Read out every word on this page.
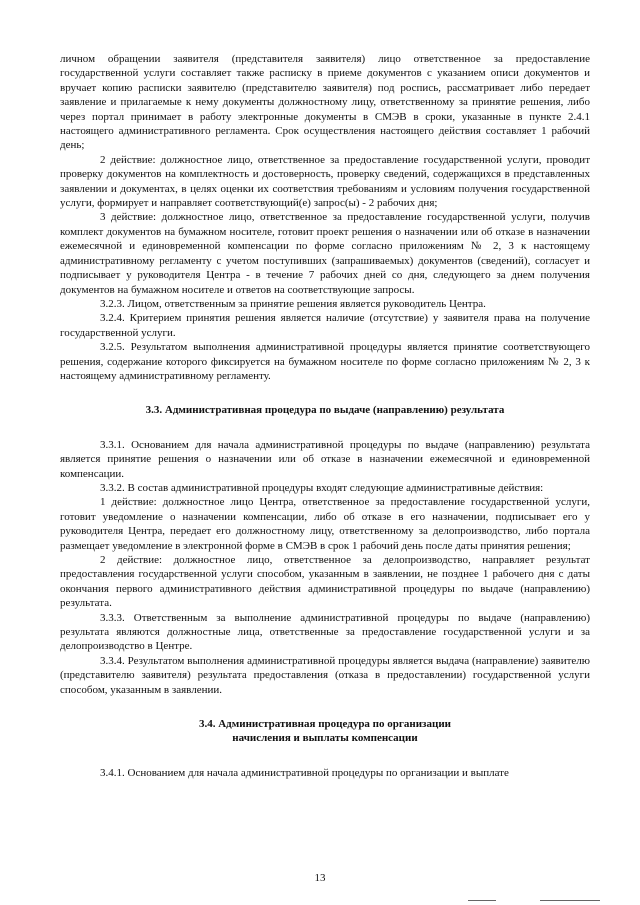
личном обращении заявителя (представителя заявителя) лицо ответственное за предоставление государственной услуги составляет также расписку в приеме документов с указанием описи документов и вручает копию расписки заявителю (представителю заявителя) под роспись, рассматривает либо передает заявление и прилагаемые к нему документы должностному лицу, ответственному за принятие решения, либо через портал принимает в работу электронные документы в СМЭВ в сроки, указанные в пункте 2.4.1 настоящего административного регламента. Срок осуществления настоящего действия составляет 1 рабочий день;

2 действие: должностное лицо, ответственное за предоставление государственной услуги, проводит проверку документов на комплектность и достоверность, проверку сведений, содержащихся в представленных заявлении и документах, в целях оценки их соответствия требованиям и условиям получения государственной услуги, формирует и направляет соответствующий(е) запрос(ы) - 2 рабочих дня;

3 действие: должностное лицо, ответственное за предоставление государственной услуги, получив комплект документов на бумажном носителе, готовит проект решения о назначении или об отказе в назначении ежемесячной и единовременной компенсации по форме согласно приложениям № 2, 3 к настоящему административному регламенту с учетом поступивших (запрашиваемых) документов (сведений), согласует и подписывает у руководителя Центра - в течение 7 рабочих дней со дня, следующего за днем получения документов на бумажном носителе и ответов на соответствующие запросы.

3.2.3. Лицом, ответственным за принятие решения является руководитель Центра.

3.2.4. Критерием принятия решения является наличие (отсутствие) у заявителя права на получение государственной услуги.

3.2.5. Результатом выполнения административной процедуры является принятие соответствующего решения, содержание которого фиксируется на бумажном носителе по форме согласно приложениям № 2, 3 к настоящему административному регламенту.

3.3. Административная процедура по выдаче (направлению) результата

3.3.1. Основанием для начала административной процедуры по выдаче (направлению) результата является принятие решения о назначении или об отказе в назначении ежемесячной и единовременной компенсации.

3.3.2. В состав административной процедуры входят следующие административные действия:

1 действие: должностное лицо Центра, ответственное за предоставление государственной услуги, готовит уведомление о назначении компенсации, либо об отказе в его назначении, подписывает его у руководителя Центра, передает его должностному лицу, ответственному за делопроизводство, либо портала размещает уведомление в электронной форме в СМЭВ в срок 1 рабочий день после даты принятия решения;

2 действие: должностное лицо, ответственное за делопроизводство, направляет результат предоставления государственной услуги способом, указанным в заявлении, не позднее 1 рабочего дня с даты окончания первого административного действия административной процедуры по выдаче (направлению) результата.

3.3.3. Ответственным за выполнение административной процедуры по выдаче (направлению) результата являются должностные лица, ответственные за предоставление государственной услуги и за делопроизводство в Центре.

3.3.4. Результатом выполнения административной процедуры является выдача (направление) заявителю (представителю заявителя) результата предоставления (отказа в предоставлении) государственной услуги способом, указанным в заявлении.

3.4. Административная процедура по организации

начисления и выплаты компенсации

3.4.1. Основанием для начала административной процедуры по организации и выплате

13
